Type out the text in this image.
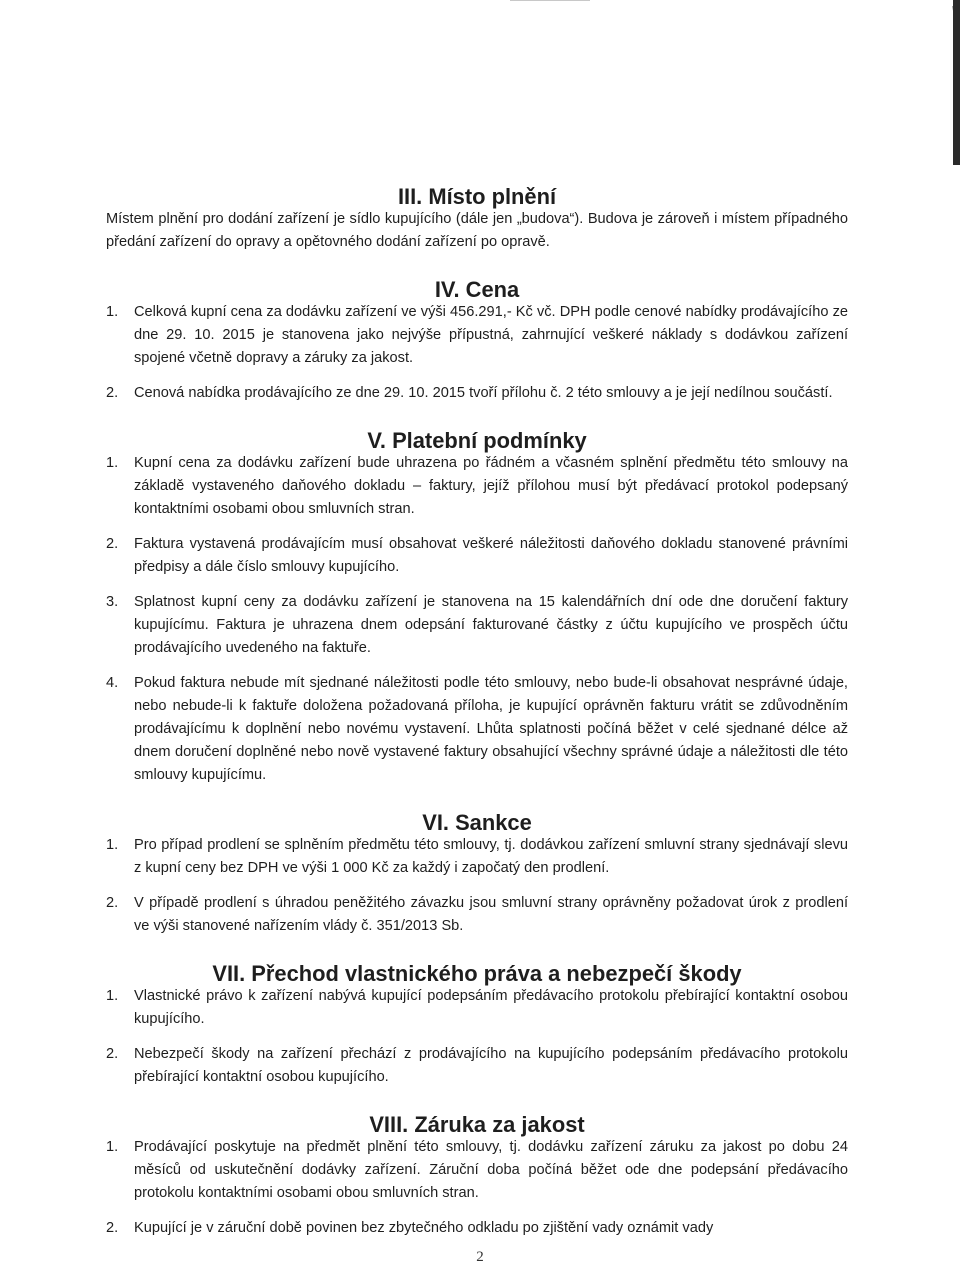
III. Místo plnění

Místem plnění pro dodání zařízení je sídlo kupujícího (dále jen „budova“). Budova je zároveň i místem případného předání zařízení do opravy a opětovného dodání zařízení po opravě.

IV. Cena
1.	Celková kupní cena za dodávku zařízení ve výši 456.291,- Kč vč. DPH podle cenové nabídky prodávajícího ze dne 29. 10. 2015 je stanovena jako nejvýše přípustná, zahrnující veškeré náklady s dodávkou zařízení spojené včetně dopravy a záruky za jakost.
2.	Cenová nabídka prodávajícího ze dne 29. 10. 2015 tvoří přílohu č. 2 této smlouvy a je její nedílnou součástí.
V. Platební podmínky
1.	Kupní cena za dodávku zařízení bude uhrazena po řádném a včasném splnění předmětu této smlouvy na základě vystaveného daňového dokladu – faktury, jejíž přílohou musí být předávací protokol podepsaný kontaktními osobami obou smluvních stran.
2.	Faktura vystavená prodávajícím musí obsahovat veškeré náležitosti daňového dokladu stanovené právními předpisy a dále číslo smlouvy kupujícího.
3.	Splatnost kupní ceny za dodávku zařízení je stanovena na 15 kalendářních dní ode dne doručení faktury kupujícímu. Faktura je uhrazena dnem odepsání fakturované částky z účtu kupujícího ve prospěch účtu prodávajícího uvedeného na faktuře.
4.	Pokud faktura nebude mít sjednané náležitosti podle této smlouvy, nebo bude-li obsahovat nesprávné údaje, nebo nebude-li k faktuře doložena požadovaná příloha, je kupující oprávněn fakturu vrátit se zdůvodněním prodávajícímu k doplnění nebo novému vystavení. Lhůta splatnosti počíná běžet v celé sjednané délce až dnem doručení doplněné nebo nově vystavené faktury obsahující všechny správné údaje a náležitosti dle této smlouvy kupujícímu.
VI. Sankce
1.	Pro případ prodlení se splněním předmětu této smlouvy, tj. dodávkou zařízení smluvní strany sjednávají slevu z kupní ceny bez DPH ve výši 1 000 Kč za každý i započatý den prodlení.
2.	V případě prodlení s úhradou peněžitého závazku jsou smluvní strany oprávněny požadovat úrok z prodlení ve výši stanovené nařízením vlády č. 351/2013 Sb.
VII. Přechod vlastnického práva a nebezpečí škody
1.	Vlastnické právo k zařízení nabývá kupující podepsáním předávacího protokolu přebírající kontaktní osobou kupujícího.
2.	Nebezpečí škody na zařízení přechází z prodávajícího na kupujícího podepsáním předávacího protokolu přebírající kontaktní osobou kupujícího.
VIII. Záruka za jakost
1.	Prodávající poskytuje na předmět plnění této smlouvy, tj. dodávku zařízení záruku za jakost po dobu 24 měsíců od uskutečnění dodávky zařízení. Záruční doba počíná běžet ode dne podepsání předávacího protokolu kontaktními osobami obou smluvních stran.
2.	Kupující je v záruční době povinen bez zbytečného odkladu po zjištění vady oznámit vady
2
